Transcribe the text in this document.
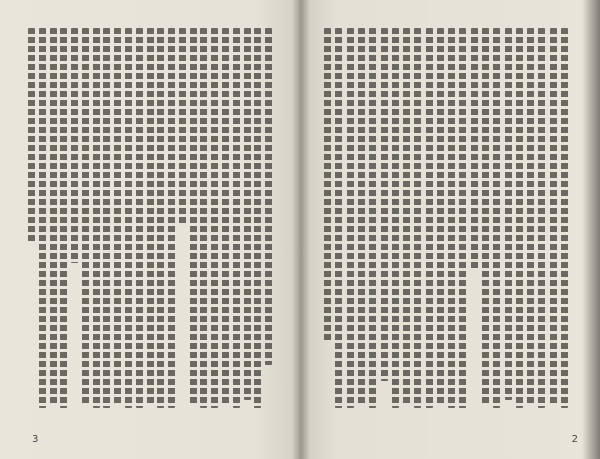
3	2
